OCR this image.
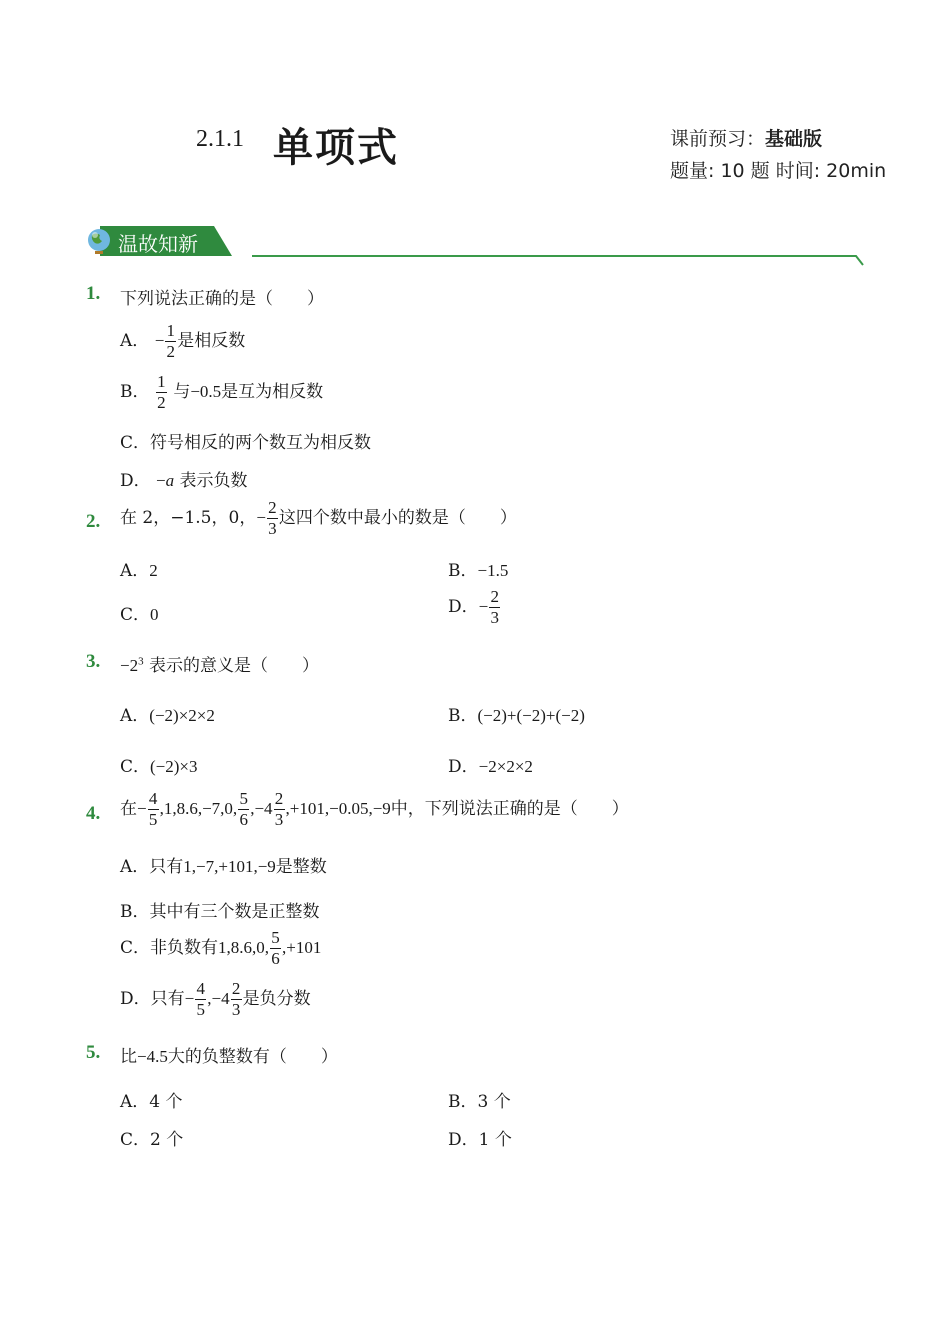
2.1.1 单项式	课前预习：基础版
题量: 10 题 时间: 20min
温故知新
1. 下列说法正确的是（　　）
A． − $\frac{1}{2}$ 是相反数
B． $\frac{1}{2}$ 与−0.5是互为相反数
C．符号相反的两个数互为相反数
D． −a 表示负数
2. 在 2，−1.5，0，− $\frac{2}{3}$ 这四个数中最小的数是（　　）
A．2	B．−1.5
C．0	D．− $\frac{2}{3}$
3. $-2^3$ 表示的意义是（　　）
A．(−2)×2×2	B．(−2)+(−2)+(−2)
C．(−2)×3	D．−2×2×2
4. 在− $\frac{4}{5} ,1,8.6,-7,0$, $\frac{5}{6} ,-4 \frac{2}{3} ,+101,-0.05,-9$中，下列说法正确的是（　　）
A．只有1,−7,+101,−9是整数
B．其中有三个数是正整数
C．非负数有1,8.6,0, $\frac{5}{6} ,+101$
D．只有− $\frac{4}{5} ,-4 \frac{2}{3}$ 是负分数
5. 比−4.5大的负整数有（　　）
A．4 个	B．3 个
C．2 个	D．1 个
